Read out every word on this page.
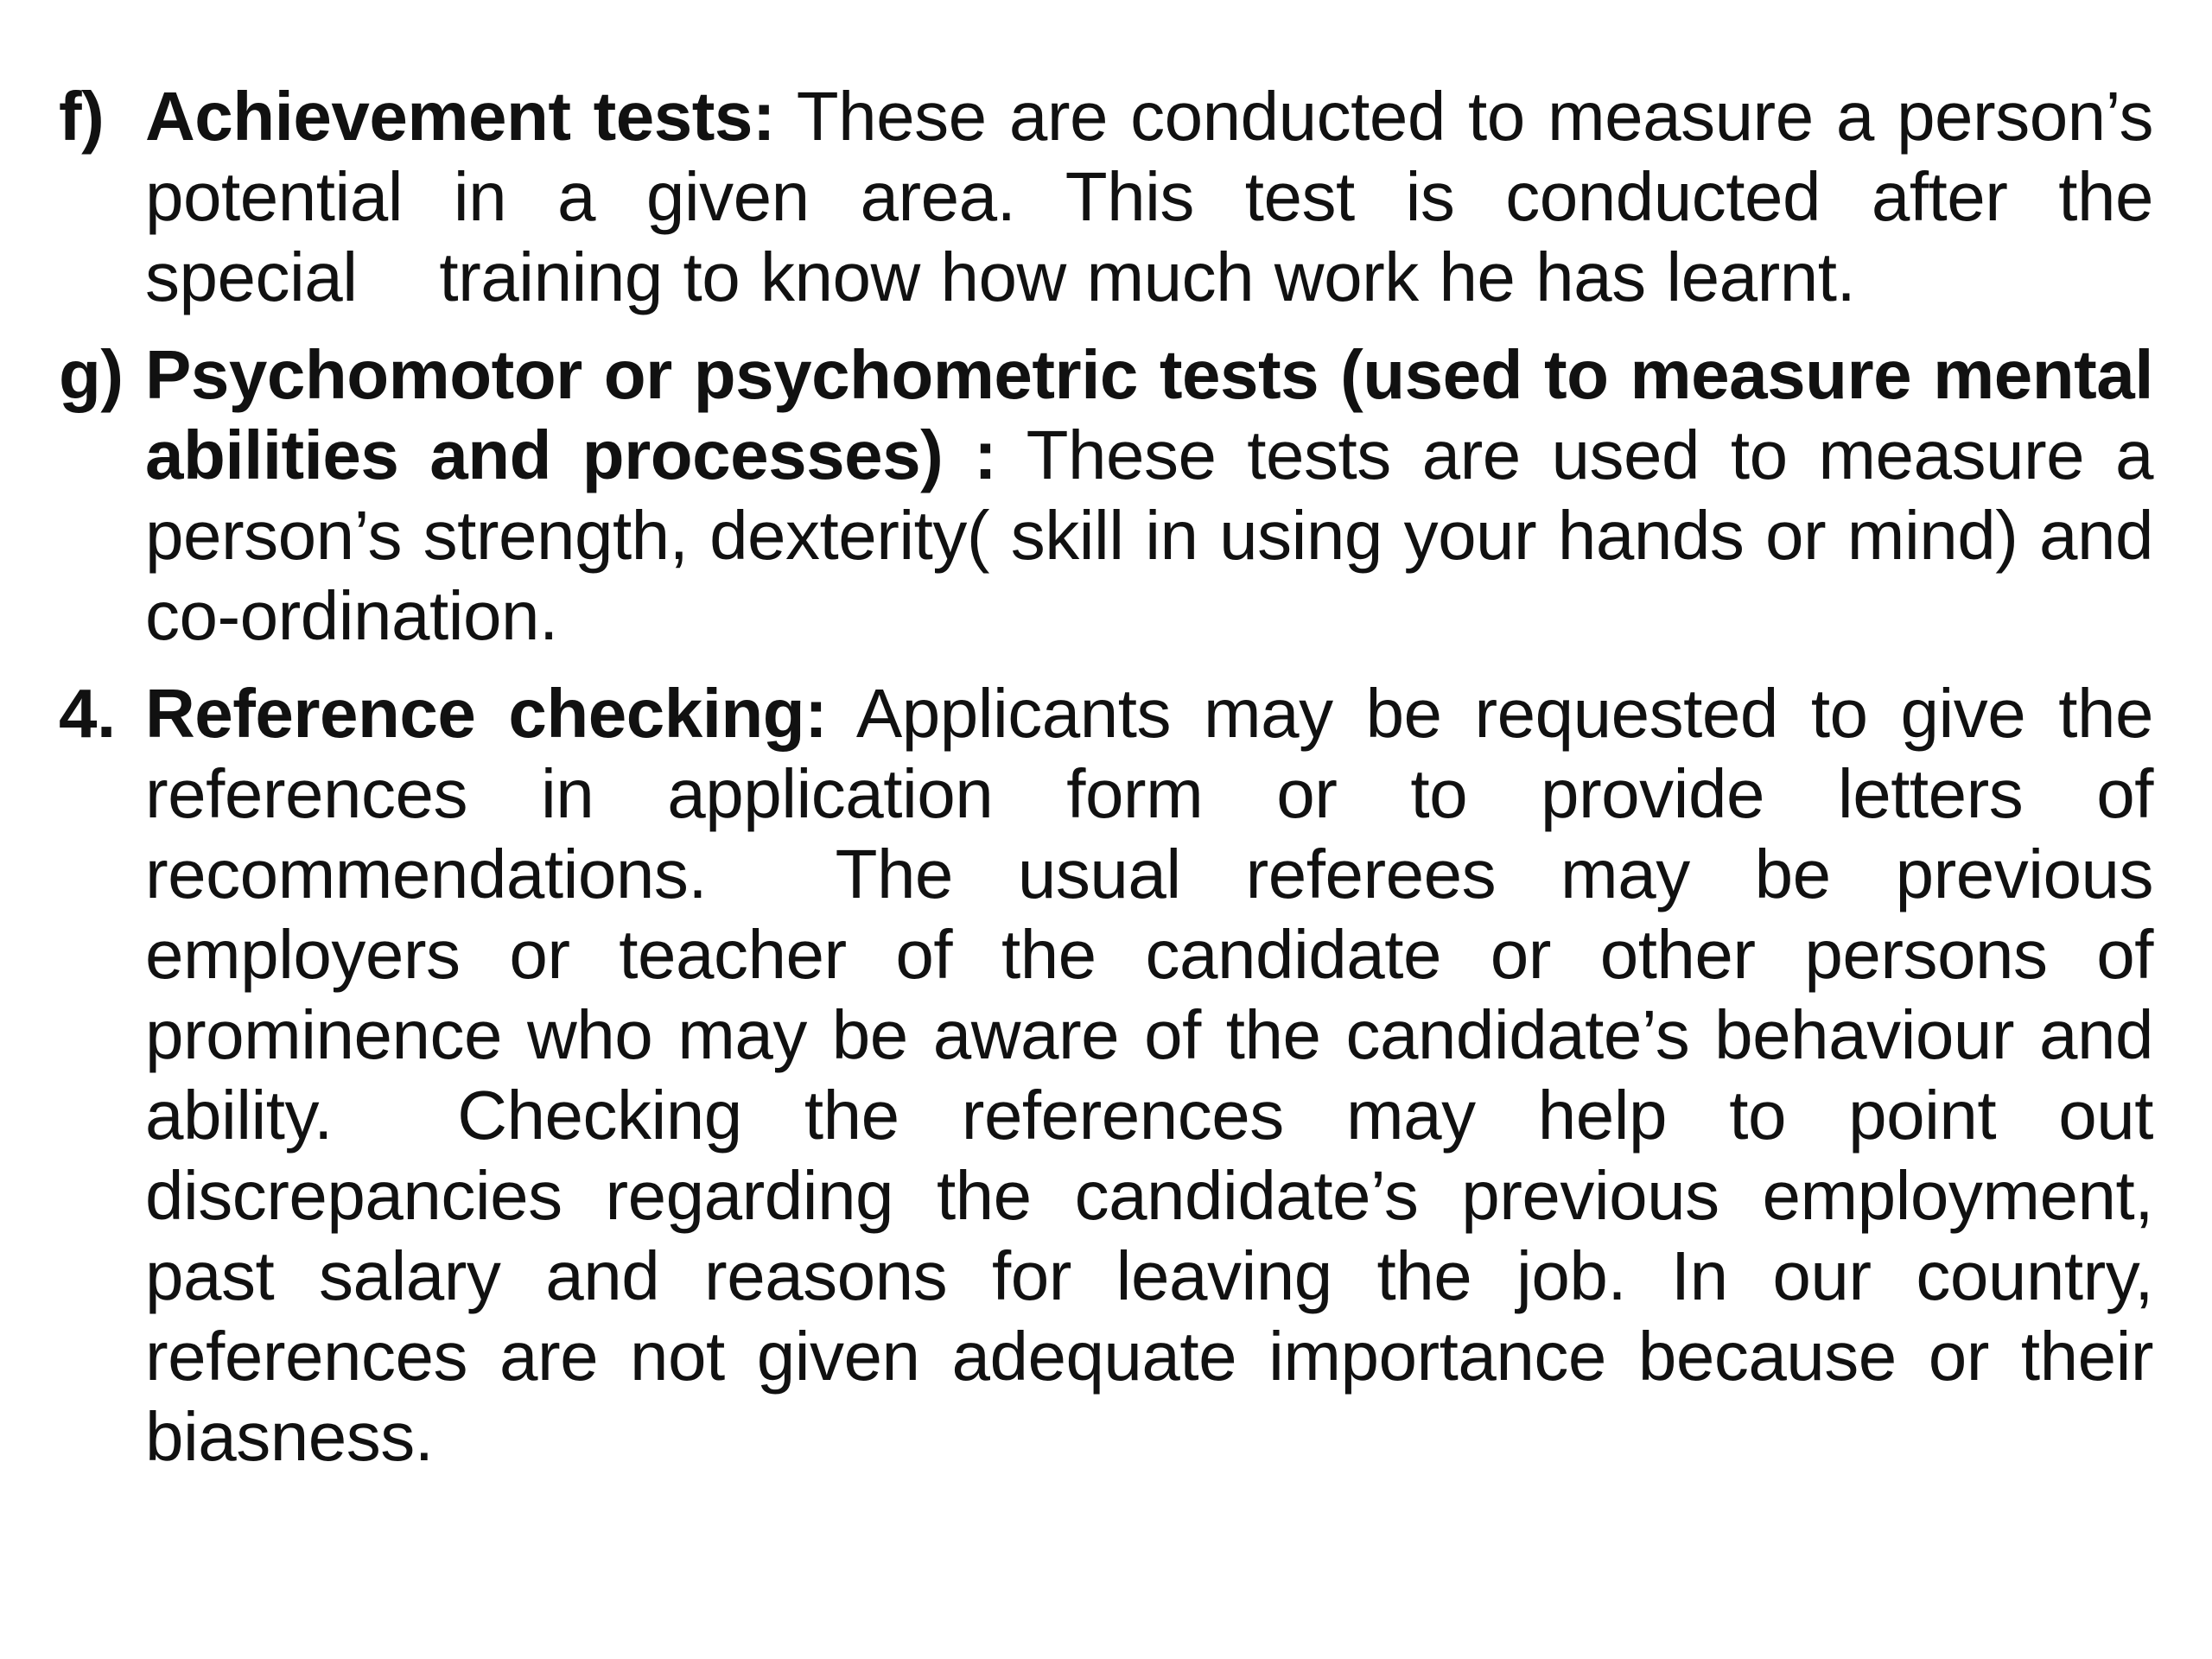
f) Achievement tests: These are conducted to measure a person’s potential in a given area. This test is conducted after the special    training to know how much work he has learnt.

g) Psychomotor or psychometric tests (used to measure mental abilities and processes) : These tests are used to measure a person’s strength, dexterity( skill in using your hands or mind) and co-ordination.

4. Reference checking: Applicants may be requested to give the references in application form or to provide letters of recommendations.  The usual referees may be previous employers or teacher of the candidate or other persons of prominence who may be aware of the candidate’s behaviour and ability.  Checking the references may help to point out discrepancies regarding the candidate’s previous employment, past salary and reasons for leaving the job. In our country, references are not given adequate importance because or their biasness.
